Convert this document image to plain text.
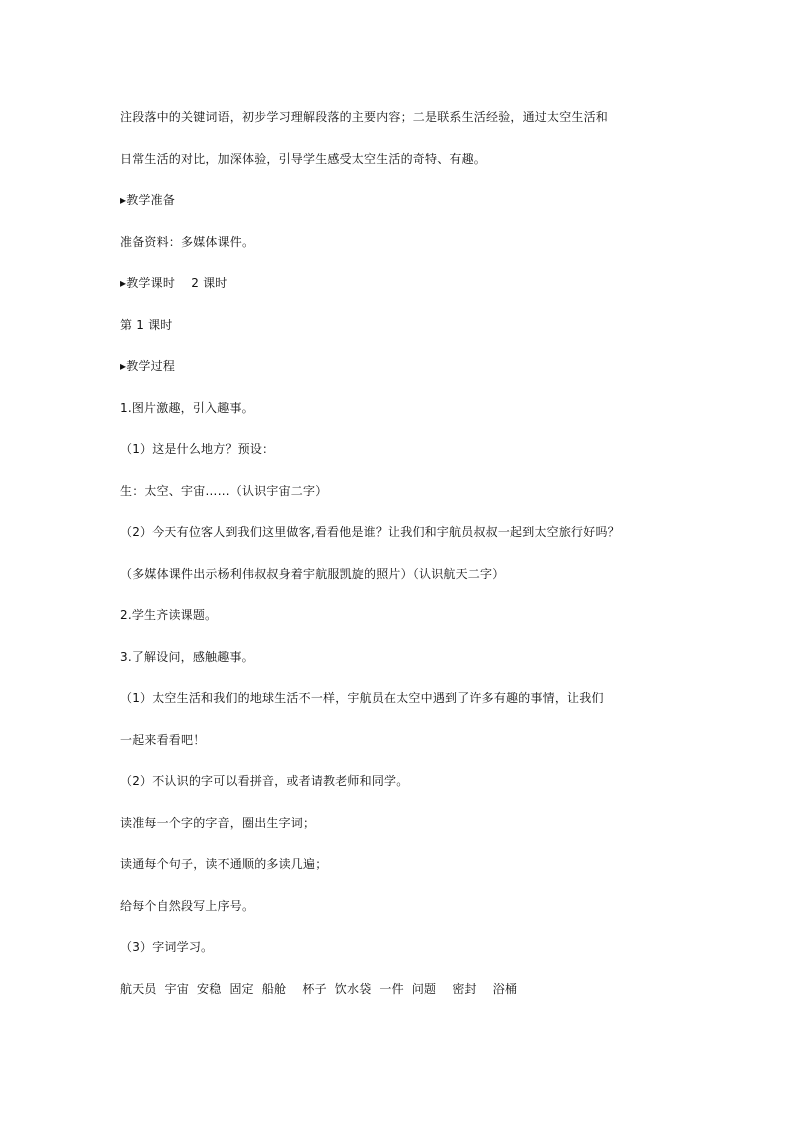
注段落中的关键词语，初步学习理解段落的主要内容；二是联系生活经验，通过太空生活和
日常生活的对比，加深体验，引导学生感受太空生活的奇特、有趣。
▸教学准备
准备资料：多媒体课件。
▸教学课时　 2 课时
第 1 课时
▸教学过程
1.图片激趣，引入趣事。
（1）这是什么地方？预设：
生：太空、宇宙……（认识宇宙二字）
（2）今天有位客人到我们这里做客,看看他是谁？让我们和宇航员叔叔一起到太空旅行好吗？
（多媒体课件出示杨利伟叔叔身着宇航服凯旋的照片）（认识航天二字）
2.学生齐读课题。
3.了解设问，感触趣事。
（1）太空生活和我们的地球生活不一样，宇航员在太空中遇到了许多有趣的事情，让我们
一起来看看吧！
（2）不认识的字可以看拼音，或者请教老师和同学。
读准每一个字的字音，圈出生字词；
读通每个句子，读不通顺的多读几遍；
给每个自然段写上序号。
（3）字词学习。
航天员  宇宙  安稳  固定  船舱    杯子  饮水袋  一件  问题    密封    浴桶
